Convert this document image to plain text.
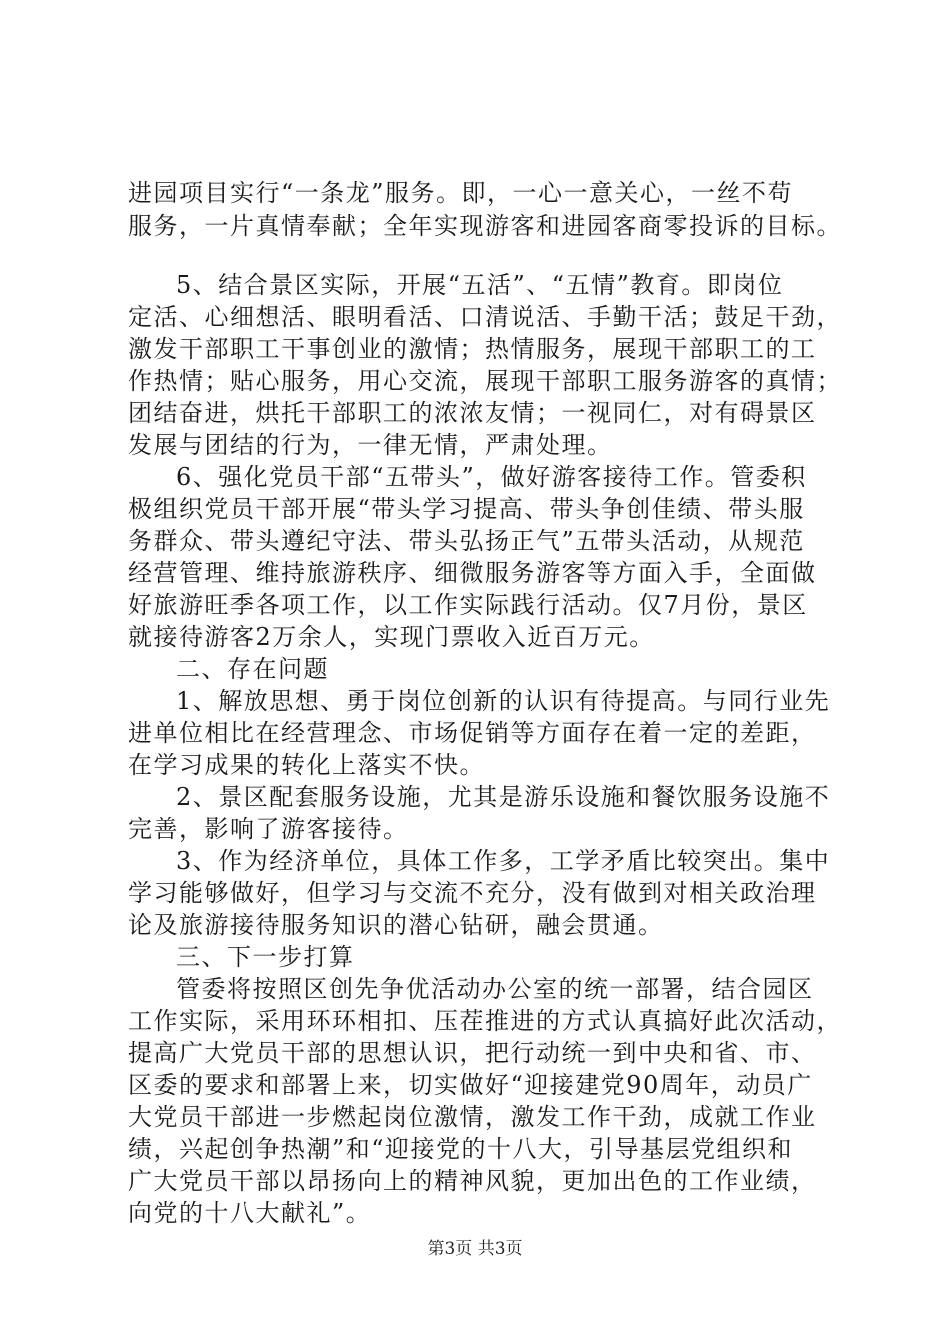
进园项目实行“一条龙”服务。即，一心一意关心，一丝不苟
服务，一片真情奉献；全年实现游客和进园客商零投诉的目标。
5、结合景区实际，开展“五活”、“五情”教育。即岗位
定活、心细想活、眼明看活、口清说活、手勤干活；鼓足干劲，
激发干部职工干事创业的激情；热情服务，展现干部职工的工
作热情；贴心服务，用心交流，展现干部职工服务游客的真情；
团结奋进，烘托干部职工的浓浓友情；一视同仁，对有碍景区
发展与团结的行为，一律无情，严肃处理。
6、强化党员干部“五带头”，做好游客接待工作。管委积
极组织党员干部开展“带头学习提高、带头争创佳绩、带头服
务群众、带头遵纪守法、带头弘扬正气”五带头活动，从规范
经营管理、维持旅游秩序、细微服务游客等方面入手，全面做
好旅游旺季各项工作，以工作实际践行活动。仅7月份，景区
就接待游客2万余人，实现门票收入近百万元。
二、存在问题
1、解放思想、勇于岗位创新的认识有待提高。与同行业先
进单位相比在经营理念、市场促销等方面存在着一定的差距，
在学习成果的转化上落实不快。
2、景区配套服务设施，尤其是游乐设施和餐饮服务设施不
完善，影响了游客接待。
3、作为经济单位，具体工作多，工学矛盾比较突出。集中
学习能够做好，但学习与交流不充分，没有做到对相关政治理
论及旅游接待服务知识的潜心钻研，融会贯通。
三、下一步打算
管委将按照区创先争优活动办公室的统一部署，结合园区
工作实际，采用环环相扣、压茬推进的方式认真搞好此次活动，
提高广大党员干部的思想认识，把行动统一到中央和省、市、
区委的要求和部署上来，切实做好“迎接建党90周年，动员广
大党员干部进一步燃起岗位激情，激发工作干劲，成就工作业
绩，兴起创争热潮”和“迎接党的十八大，引导基层党组织和
广大党员干部以昂扬向上的精神风貌，更加出色的工作业绩，
向党的十八大献礼”。
第3页 共3页
